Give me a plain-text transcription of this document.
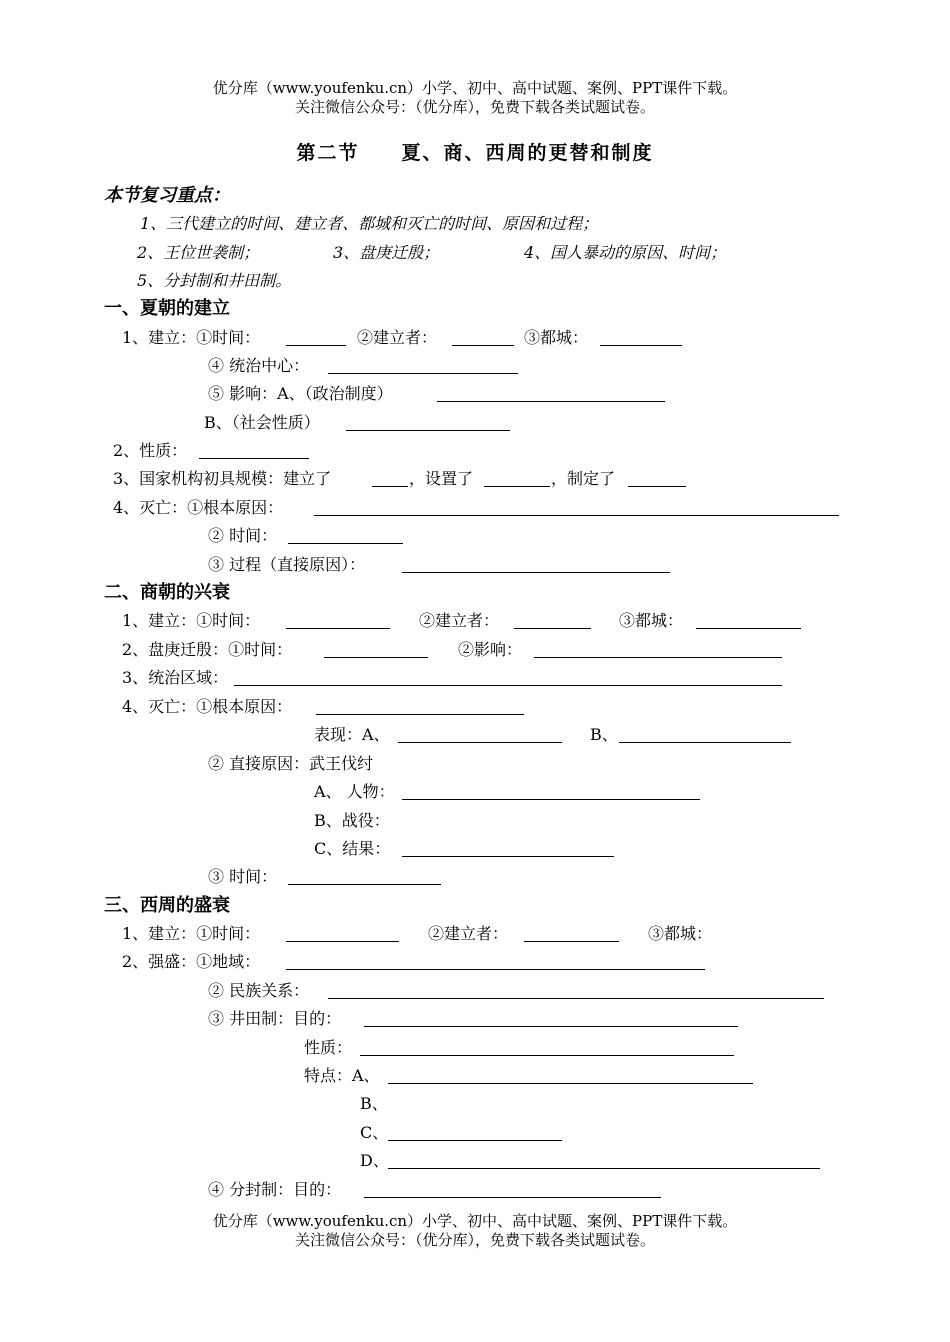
优分库（www.youfenku.cn）小学、初中、高中试题、案例、PPT课件下载。
关注微信公众号：（优分库），免费下载各类试题试卷。
第二节　　夏、商、西周的更替和制度
本节复习重点：
1、三代建立的时间、建立者、都城和灭亡的时间、原因和过程；
2、王位世袭制；	3、盘庚迁殷；	4、国人暴动的原因、时间；
5、分封制和井田制。
一、夏朝的建立
1、建立：①时间：	②建立者：	③都城：
④ 统治中心：
⑤ 影响：A、（政治制度）
B、（社会性质）
2、性质：
3、国家机构初具规模：建立了	，设置了	，制定了
4、灭亡：①根本原因：
② 时间：
③ 过程（直接原因）：
二、商朝的兴衰
1、建立：①时间：	②建立者：	③都城：
2、盘庚迁殷：①时间：	②影响：
3、统治区域：
4、灭亡：①根本原因：
表现：A、	B、
② 直接原因：武王伐纣
A、 人物：
B、战役：
C、结果：
③ 时间：
三、西周的盛衰
1、建立：①时间：	②建立者：	③都城：
2、强盛：①地域：
② 民族关系：
③ 井田制：目的：
性质：
特点：A、
B、
C、
D、
④ 分封制：目的：
优分库（www.youfenku.cn）小学、初中、高中试题、案例、PPT课件下载。
关注微信公众号：（优分库），免费下载各类试题试卷。
